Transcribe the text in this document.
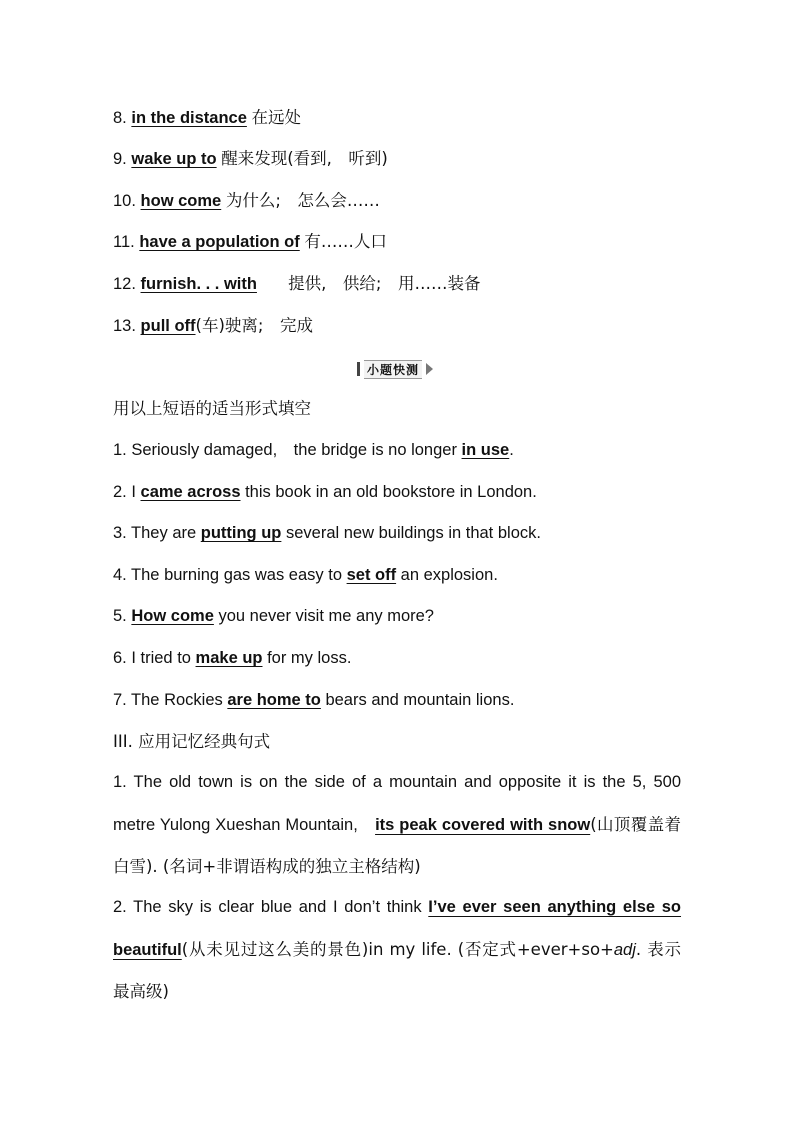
8. in the distance 在远处
9. wake up to 醒来发现(看到,　听到)
10. how come 为什么;　怎么会……
11. have a population of 有……人口
12. furnish. . . with 提供,　供给;　用……装备
13. pull off(车)驶离;　完成
小题快测
用以上短语的适当形式填空
1. Seriously damaged,　the bridge is no longer in use.
2. I came across this book in an old bookstore in London.
3. They are putting up several new buildings in that block.
4. The burning gas was easy to set off an explosion.
5. How come you never visit me any more?
6. I tried to make up for my loss.
7. The Rockies are home to bears and mountain lions.
III. 应用记忆经典句式
1. The old town is on the side of a mountain and opposite it is the 5, 500 metre Yulong Xueshan Mountain,　its peak covered with snow(山顶覆盖着白雪). (名词+非谓语构成的独立主格结构)
2. The sky is clear blue and I don’t think I’ve ever seen anything else so beautiful(从未见过这么美的景色)in my life. (否定式+ever+so+adj. 表示最高级)
